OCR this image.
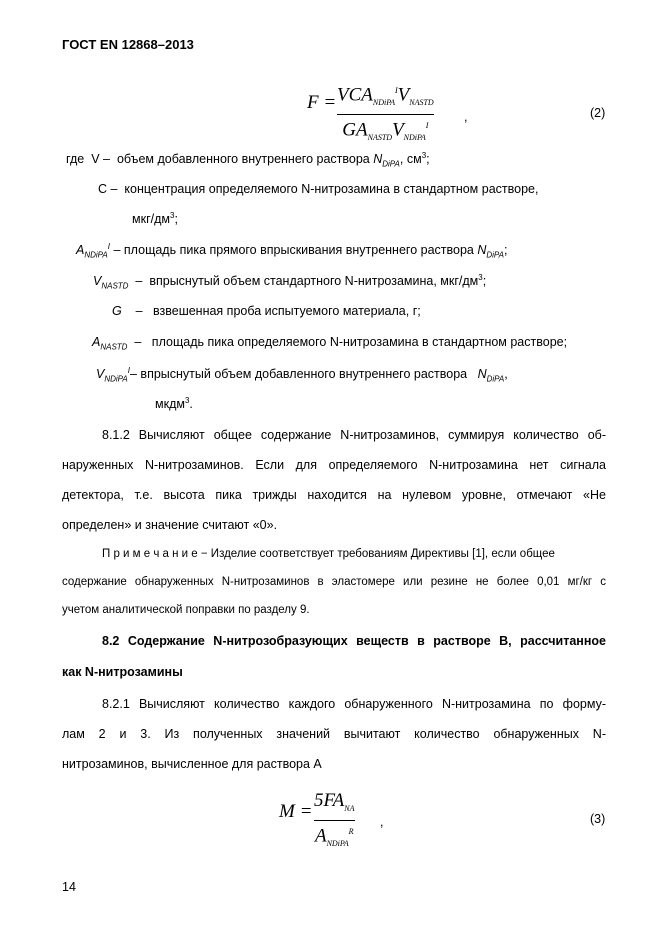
ГОСТ EN 12868–2013
$F = VCA_{NDiPA}^IV_{NASTD}$
$GA_{NASTD}V_{NDiPA}^I$
,	(2)
где V – объем добавленного внутреннего раствора $N_{DiPA}$, $см^3$;
C – концентрация определяемого N-нитрозамина в стандартном растворе,
мкг/$дм^3$;
$A_{NDiPA}^I$ – площадь пика прямого впрыскивания внутреннего раствора $N_{DiPA}$;
$V_{NASTD}$ – впрыснутый объем стандартного N-нитрозамина, мкг/$дм^3$;
G – взвешенная проба испытуемого материала, г;
$A_{NASTD}$ – площадь пика определяемого N-нитрозамина в стандартном растворе;
$V_{NDiPA}^I-$ впрыснутый объем добавленного внутреннего раствора $N_{DiPA}$,
мкдм$^3$.
8.1.2 Вычисляют общее содержание N-нитрозаминов, суммируя количество об-
наруженных N-нитрозаминов. Если для определяемого N-нитрозамина нет сигнала
детектора, т.е. высота пика трижды находится на нулевом уровне, отмечают «Не
определен» и значение считают «0».
П р и м е ч а н и е − Изделие соответствует требованиям Директивы [1], если общее
содержание обнаруженных N-нитрозаминов в эластомере или резине не более 0,01 мг/кг с
учетом аналитической поправки по разделу 9.
8.2 Содержание N-нитрозобразующих веществ в растворе B, рассчитанное
как N-нитрозамины
8.2.1 Вычисляют количество каждого обнаруженного N-нитрозамина по форму-
лам 2 и 3. Из полученных значений вычитают количество обнаруженных N-
нитрозаминов, вычисленное для раствора A
M =
$5FA_{NA}$
$A_{NDiPA}^R$
,	(3)
14
